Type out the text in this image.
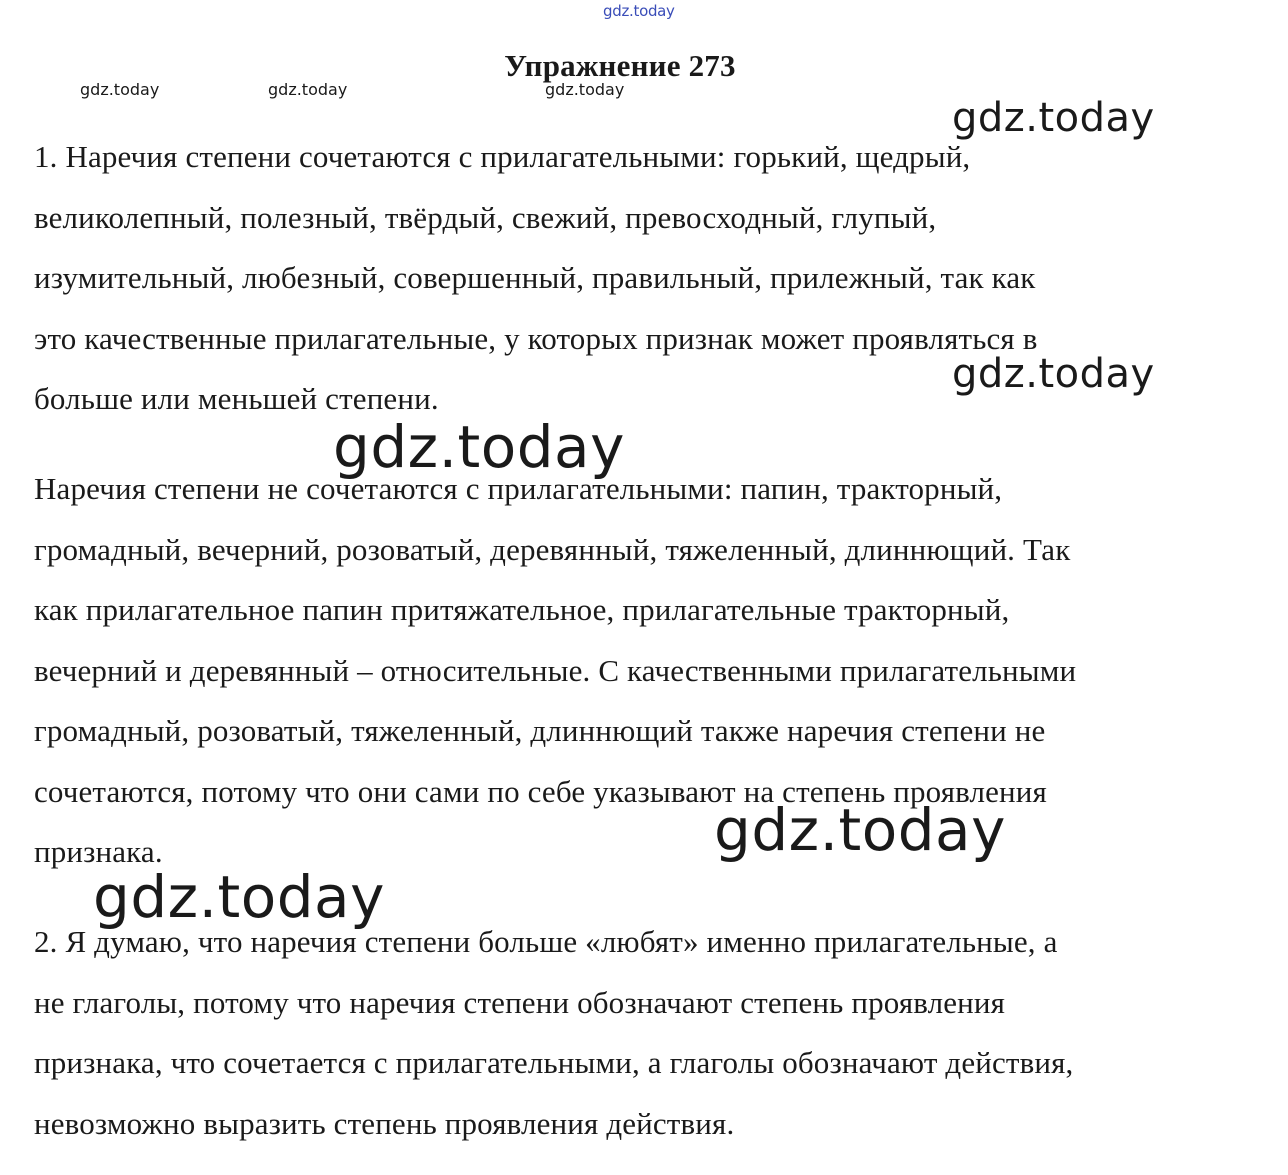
Упражнение 273
1. Наречия степени сочетаются с прилагательными: горький, щедрый,
великолепный, полезный, твёрдый, свежий, превосходный, глупый,
изумительный, любезный, совершенный, правильный, прилежный, так как
это качественные прилагательные, у которых признак может проявляться в
больше или меньшей степени.
Наречия степени не сочетаются с прилагательными: папин, тракторный,
громадный, вечерний, розоватый, деревянный, тяжеленный, длиннющий. Так
как прилагательное папин притяжательное, прилагательные тракторный,
вечерний и деревянный – относительные. С качественными прилагательными
громадный, розоватый, тяжеленный, длиннющий также наречия степени не
сочетаются, потому что они сами по себе указывают на степень проявления
признака.
2. Я думаю, что наречия степени больше «любят» именно прилагательные, а
не глаголы, потому что наречия степени обозначают степень проявления
признака, что сочетается с прилагательными, а глаголы обозначают действия,
невозможно выразить степень проявления действия.
gdz.today
gdz.today	gdz.today	gdz.today
gdz.today
gdz.today
gdz.today
gdz.today
gdz.today
